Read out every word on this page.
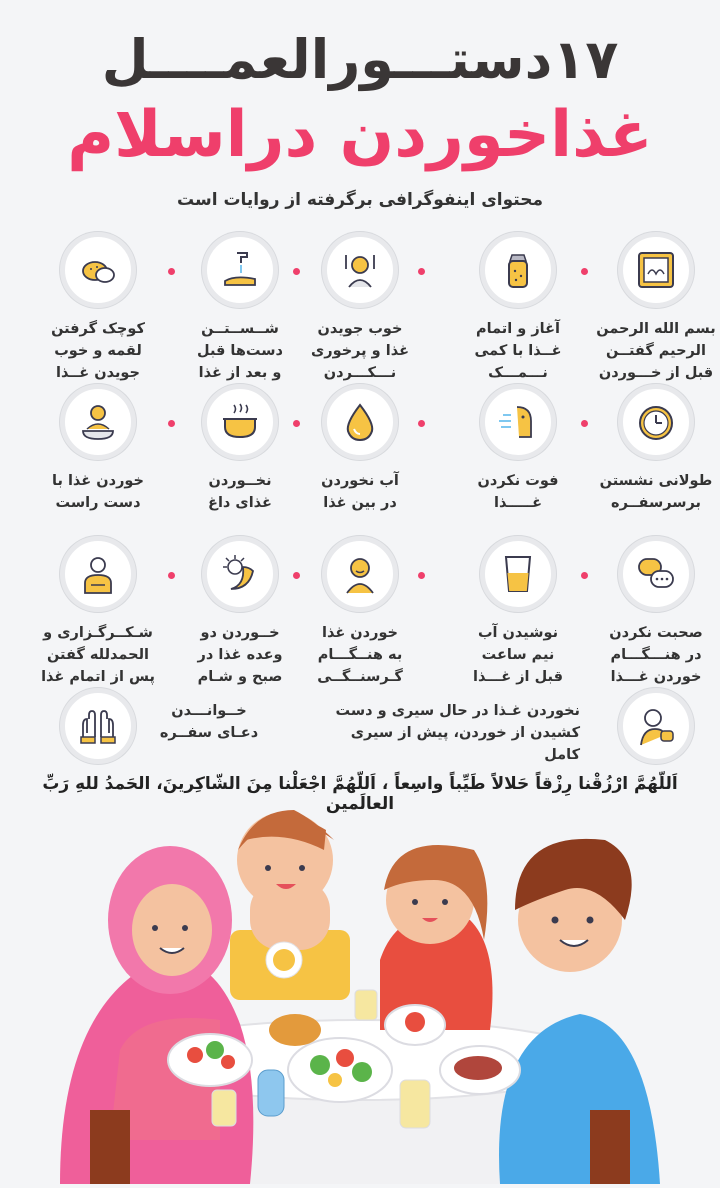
۱۷دستـــورالعمــــل
غذاخوردن دراسلام
محتوای اینفوگرافی برگرفته از روایات است
بسم الله الرحمن
الرحیم گفتــن
قبل از خـــوردن
آغاز و اتمام
غــذا با کمی
نـــمـــک
خوب جویدن
غذا و پرخوری
نـــکـــردن
شــســتــن
دست‌ها قبل
و بعد از غذا
کوچک گرفتن
لقمه و خوب
جویدن غــذا
طولانی نشستن
برسرسفــره
فوت نکردن
غـــــذا
آب نخوردن
در بین غذا
نخــوردن
غذای داغ
خوردن غذا با
دست راست
صحبت نکردن
در هنـــگـــام
خوردن غـــذا
نوشیدن آب
نیم ساعت
قبل از غـــذا
خوردن غذا
به هنــگـــام
گـرسنــگــی
خــوردن دو
وعده غذا در
صبح و شـام
شـکــرگـزاری و
الحمدلله گفتن
پس از اتمام غذا
نخوردن غـذا در حال سیری و دست
کشیدن از خوردن، پیش از سیری کامل
خــوانـــدن
دعـای سفــره
اَللّهُمَّ ارْزُقْنا رِزْقاً حَلالاً طَیِّباً واسِعاً ، اَللّهُمَّ اجْعَلْنا مِنَ الشّاکِرینَ، الحَمدُ للهِ رَبِّ العالَمین
